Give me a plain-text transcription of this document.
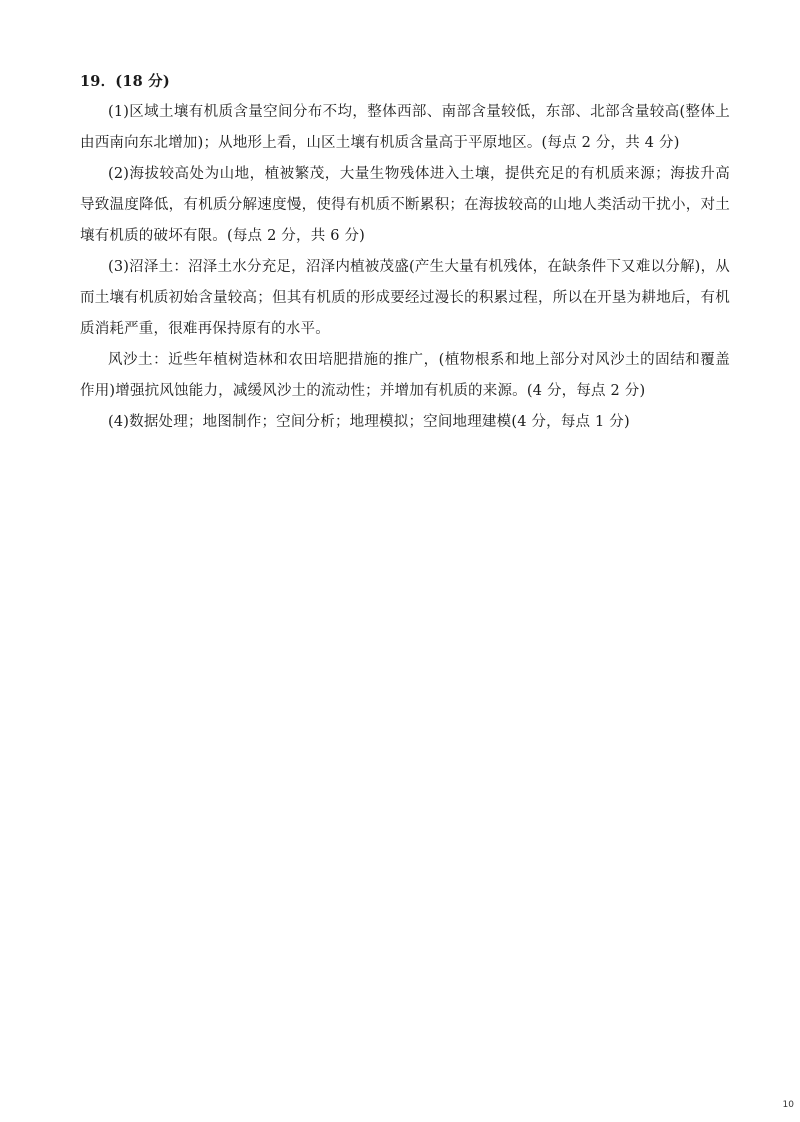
19．(18 分)

(1)区域土壤有机质含量空间分布不均，整体西部、南部含量较低，东部、北部含量较高(整体上由西南向东北增加)；从地形上看，山区土壤有机质含量高于平原地区。(每点 2 分，共 4 分)

(2)海拔较高处为山地，植被繁茂，大量生物残体进入土壤，提供充足的有机质来源；海拔升高导致温度降低，有机质分解速度慢，使得有机质不断累积；在海拔较高的山地人类活动干扰小，对土壤有机质的破坏有限。(每点 2 分，共 6 分)

(3)沼泽土：沼泽土水分充足，沼泽内植被茂盛(产生大量有机残体，在缺条件下又难以分解)，从而土壤有机质初始含量较高；但其有机质的形成要经过漫长的积累过程，所以在开垦为耕地后，有机质消耗严重，很难再保持原有的水平。

风沙土：近些年植树造林和农田培肥措施的推广，(植物根系和地上部分对风沙土的固结和覆盖作用)增强抗风蚀能力，减缓风沙土的流动性；并增加有机质的来源。(4 分，每点 2 分)

(4)数据处理；地图制作；空间分析；地理模拟；空间地理建模(4 分，每点 1 分)

10
